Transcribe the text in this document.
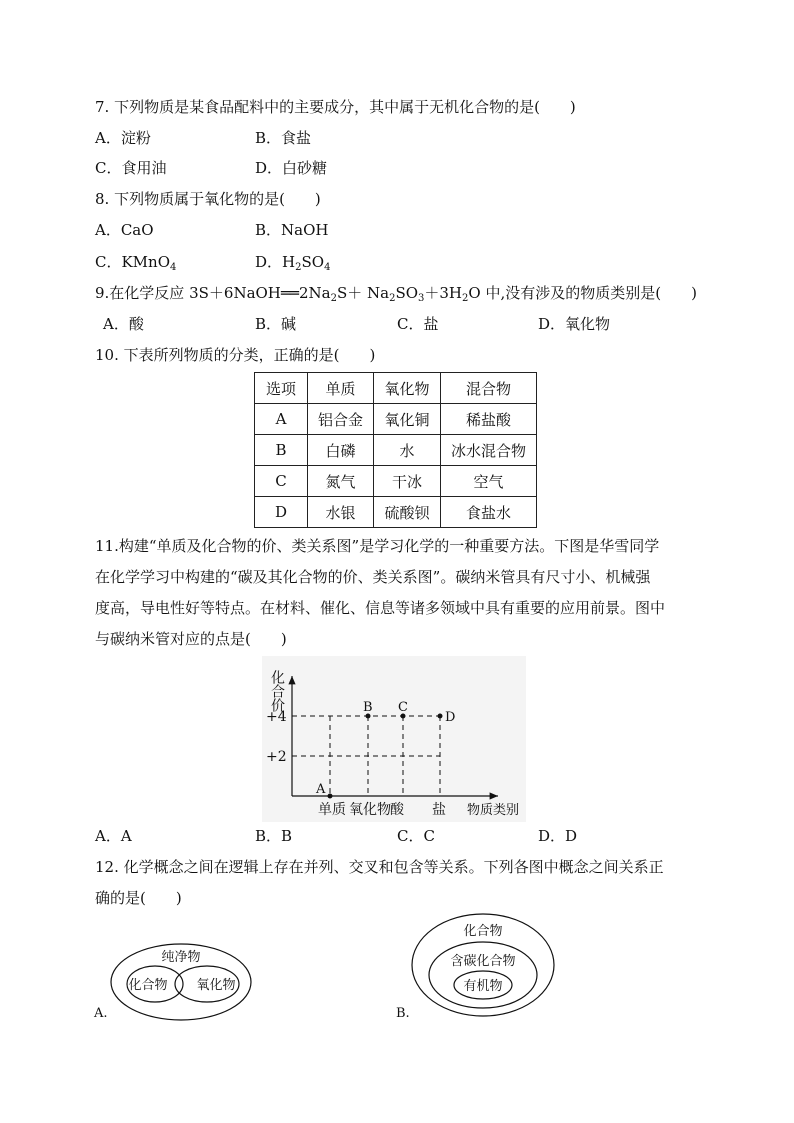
7. 下列物质是某食品配料中的主要成分，其中属于无机化合物的是(　　)
A．淀粉	B．食盐
C．食用油	D．白砂糖
8. 下列物质属于氧化物的是(　　)
A．CaO	B．NaOH
C．KMnO$_4$	D．$H_2SO_4$
9.在化学反应 $3S+6NaOH══2Na_2S+ Na_2SO_3+3H_2O$ 中,没有涉及的物质类别是(　　)
A．酸	B．碱	C．盐	D．氧化物
10. 下表所列物质的分类，正确的是(　　)
选项	单质	氧化物	混合物
A	铝合金	氧化铜	稀盐酸
B	白磷	水	冰水混合物
C	氮气	干冰	空气
D	水银	硫酸钡	食盐水
11.构建“单质及化合物的价、类关系图”是学习化学的一种重要方法。下图是华雪同学
在化学学习中构建的“碳及其化合物的价、类关系图”。碳纳米管具有尺寸小、机械强
度高，导电性好等特点。在材料、催化、信息等诸多领域中具有重要的应用前景。图中
与碳纳米管对应的点是(　　)
化合价
+4
+2
A
B C
D
单质 氧化物 酸 盐 物质类别
A．A	B．B	C．C	D．D
12. 化学概念之间在逻辑上存在并列、交叉和包含等关系。下列各图中概念之间关系正
确的是(　　)
纯净物
化合物 氧化物
A.
化合物
含碳化合物
有机物
B.
